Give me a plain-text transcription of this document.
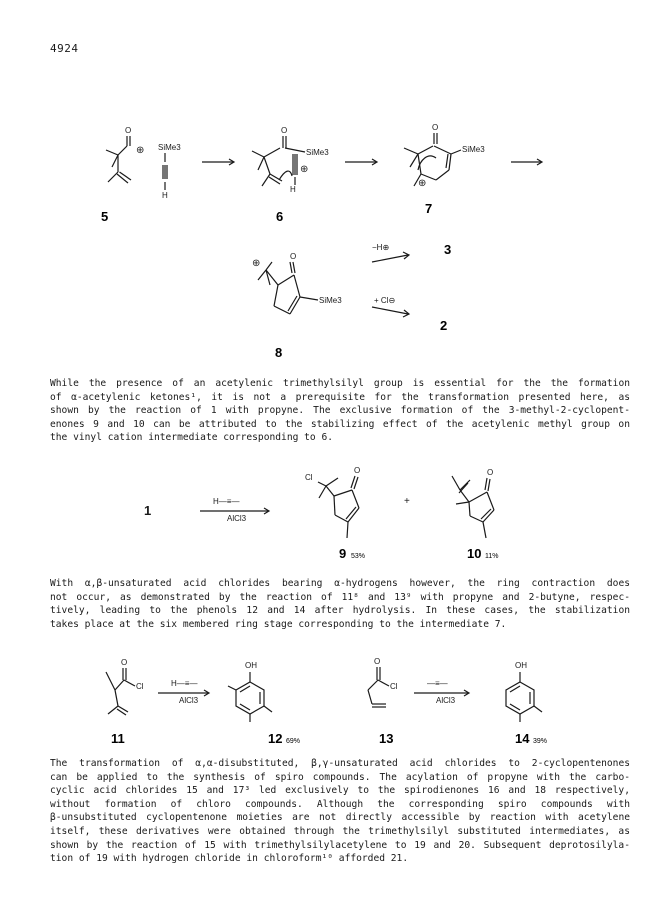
4924
O
⊕ SiMe3
H
O
SiMe3
H
⊕
O
SiMe3
⊕
⊕
O
SiMe3
−H⊕
+ Cl⊖
5	6
7
8
3
2
While the presence of an acetylenic trimethylsilyl group is essential for the the formation
of α-acetylenic ketones¹, it is not a prerequisite for the transformation presented here, as
shown by the reaction of 1 with propyne. The exclusive formation of the 3-methyl-2-cyclopent-
enones 9 and 10 can be attributed to the stabilizing effect of the acetylenic methyl group on
the vinyl cation intermediate corresponding to 6.
1
H—≡—
AlCl3
Cl
O	O
+
9 53%	10 11%
With α,β-unsaturated acid chlorides bearing α-hydrogens however, the ring contraction does
not occur, as demonstrated by the reaction of 11⁸ and 13⁹ with propyne and 2-butyne, respec-
tively, leading to the phenols 12 and 14 after hydrolysis. In these cases, the stabilization
takes place at the six membered ring stage corresponding to the intermediate 7.
O
Cl
OH	O
Cl
OH
H—≡—
AlCl3
—≡—
AlCl3
11	12 69%	13	14 39%
The transformation of α,α-disubstituted, β,γ-unsaturated acid chlorides to 2-cyclopentenones
can be applied to the synthesis of spiro compounds. The acylation of propyne with the carbo-
cyclic acid chlorides 15 and 17³ led exclusively to the spirodienones 16 and 18 respectively,
without formation of chloro compounds. Although the corresponding spiro compounds with
β-unsubstituted cyclopentenone moieties are not directly accessible by reaction with acetylene
itself, these derivatives were obtained through the trimethylsilyl substituted intermediates, as
shown by the reaction of 15 with trimethylsilylacetylene to 19 and 20. Subsequent deprotosilyla-
tion of 19 with hydrogen chloride in chloroform¹⁰ afforded 21.
